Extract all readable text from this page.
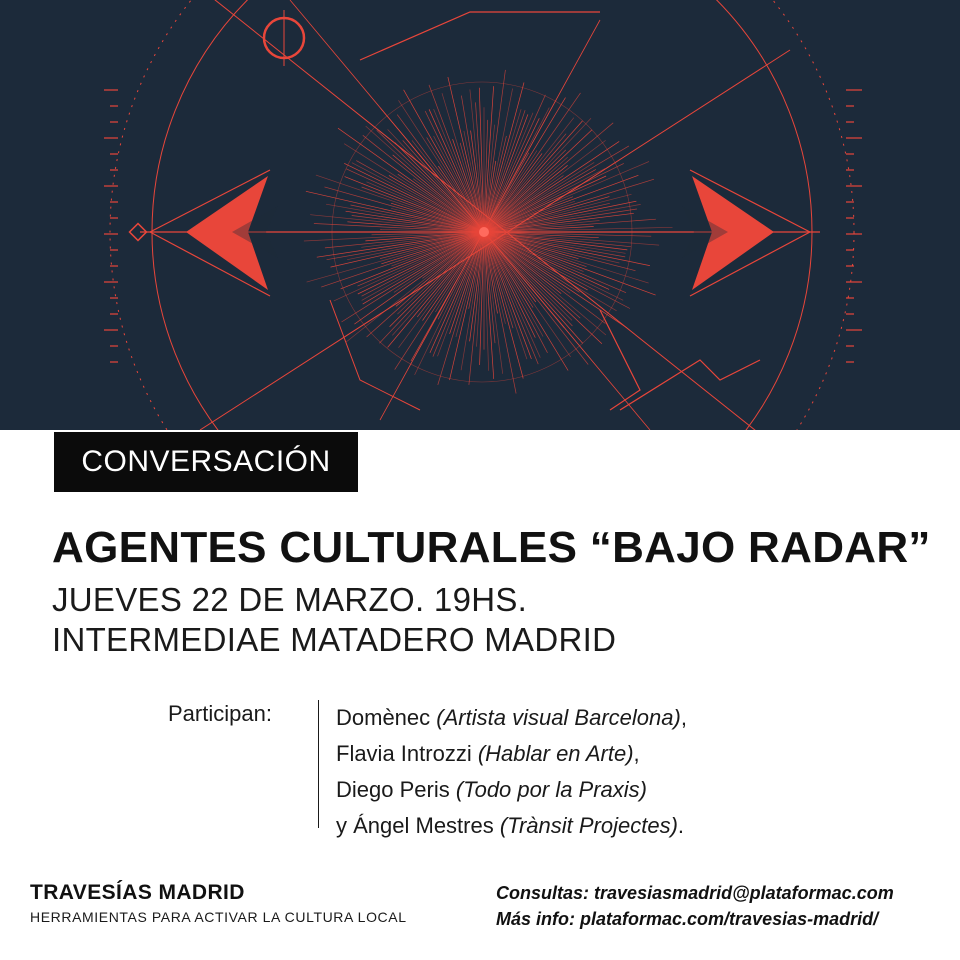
CONVERSACIÓN
AGENTES CULTURALES “BAJO RADAR”
JUEVES 22 DE MARZO. 19HS.
INTERMEDIAE MATADERO MADRID
Participan:	Domènec (Artista visual Barcelona),
Flavia Introzzi (Hablar en Arte),
Diego Peris (Todo por la Praxis)
y Ángel Mestres (Trànsit Projectes).
TRAVESÍAS MADRID
HERRAMIENTAS PARA ACTIVAR LA CULTURA LOCAL
Consultas: travesiasmadrid@plataformac.com
Más info: plataformac.com/travesias-madrid/
